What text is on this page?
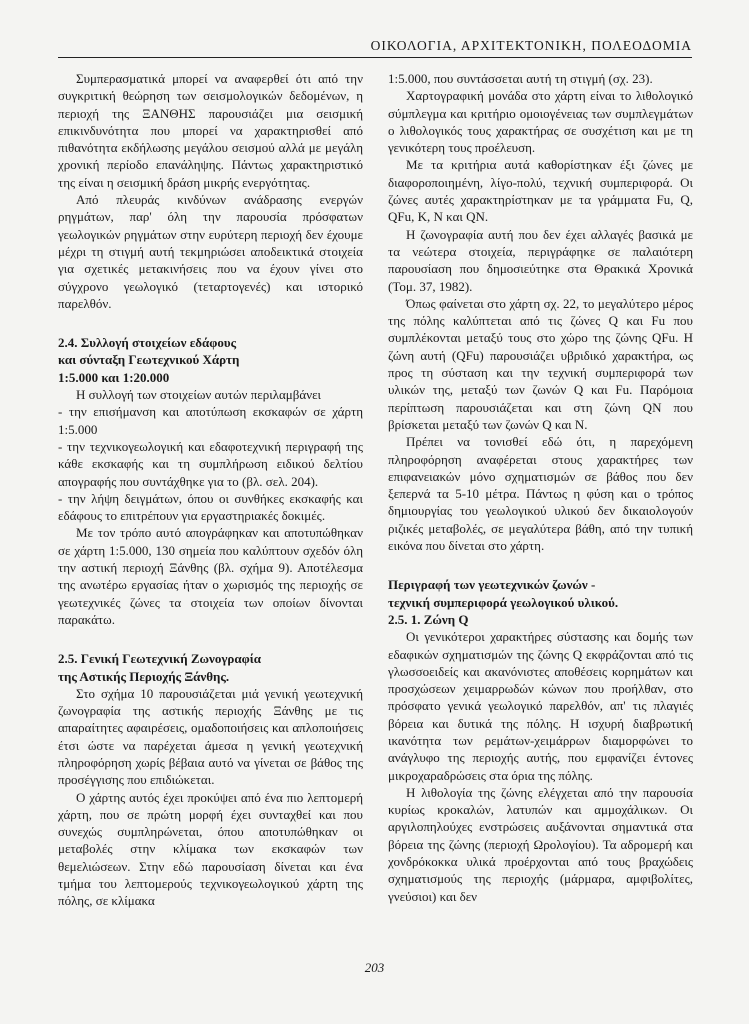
ΟΙΚΟΛΟΓΙΑ, ΑΡΧΙΤΕΚΤΟΝΙΚΗ, ΠΟΛΕΟΔΟΜΙΑ

Συμπερασματικά μπορεί να αναφερθεί ότι από την συγκριτική θεώρηση των σεισμολογικών δεδομένων, η περιοχή της ΞΑΝΘΗΣ παρουσιάζει μια σεισμική επικινδυνότητα που μπορεί να χαρακτηρισθεί από πιθανότητα εκδήλωσης μεγάλου σεισμού αλλά με μεγάλη χρονική περίοδο επανάληψης. Πάντως χαρακτηριστικό της είναι η σεισμική δράση μικρής ενεργότητας.

Από πλευράς κινδύνων ανάδρασης ενεργών ρηγμάτων, παρ' όλη την παρουσία πρόσφατων γεωλογικών ρηγμάτων στην ευρύτερη περιοχή δεν έχουμε μέχρι τη στιγμή αυτή τεκμηριώσει αποδεικτικά στοιχεία για σχετικές μετακινήσεις που να έχουν γίνει στο σύγχρονο γεωλογικό (τεταρτογενές) και ιστορικό παρελθόν.

2.4. Συλλογή στοιχείων εδάφους
και σύνταξη Γεωτεχνικού Χάρτη
1:5.000 και 1:20.000

Η συλλογή των στοιχείων αυτών περιλαμβάνει

- την επισήμανση και αποτύπωση εκσκαφών σε χάρτη 1:5.000

- την τεχνικογεωλογική και εδαφοτεχνική περιγραφή της κάθε εκσκαφής και τη συμπλήρωση ειδικού δελτίου απογραφής που συντάχθηκε για το (βλ. σελ. 204).

- την λήψη δειγμάτων, όπου οι συνθήκες εκσκαφής και εδάφους το επιτρέπουν για εργαστηριακές δοκιμές.

Με τον τρόπο αυτό απογράφηκαν και αποτυπώθηκαν σε χάρτη 1:5.000, 130 σημεία που καλύπτουν σχεδόν όλη την αστική περιοχή Ξάνθης (βλ. σχήμα 9). Αποτέλεσμα της ανωτέρω εργασίας ήταν ο χωρισμός της περιοχής σε γεωτεχνικές ζώνες τα στοιχεία των οποίων δίνονται παρακάτω.

2.5. Γενική Γεωτεχνική Ζωνογραφία
της Αστικής Περιοχής Ξάνθης.

Στο σχήμα 10 παρουσιάζεται μιά γενική γεωτεχνική ζωνογραφία της αστικής περιοχής Ξάνθης με τις απαραίτητες αφαιρέσεις, ομαδοποιήσεις και απλοποιήσεις έτσι ώστε να παρέχεται άμεσα η γενική γεωτεχνική πληροφόρηση χωρίς βέβαια αυτό να γίνεται σε βάθος της προσέγγισης που επιδιώκεται.

Ο χάρτης αυτός έχει προκύψει από ένα πιο λεπτομερή χάρτη, που σε πρώτη μορφή έχει συνταχθεί και που συνεχώς συμπληρώνεται, όπου αποτυπώθηκαν οι μεταβολές στην κλίμακα των εκσκαφών των θεμελιώσεων. Στην εδώ παρουσίαση δίνεται και ένα τμήμα του λεπτομερούς τεχνικογεωλογικού χάρτη της πόλης, σε κλίμακα

1:5.000, που συντάσσεται αυτή τη στιγμή (σχ. 23).

Χαρτογραφική μονάδα στο χάρτη είναι το λιθολογικό σύμπλεγμα και κριτήριο ομοιογένειας των συμπλεγμάτων ο λιθολογικός τους χαρακτήρας σε συσχέτιση και με τη γενικότερη τους προέλευση.

Με τα κριτήρια αυτά καθορίστηκαν έξι ζώνες με διαφοροποιημένη, λίγο-πολύ, τεχνική συμπεριφορά. Οι ζώνες αυτές χαρακτηρίστηκαν με τα γράμματα Fu, Q, QFu, K, N και QN.

Η ζωνογραφία αυτή που δεν έχει αλλαγές βασικά με τα νεώτερα στοιχεία, περιγράφηκε σε παλαιότερη παρουσίαση που δημοσιεύτηκε στα Θρακικά Χρονικά (Τομ. 37, 1982).

Όπως φαίνεται στο χάρτη σχ. 22, το μεγαλύτερο μέρος της πόλης καλύπτεται από τις ζώνες Q και Fu που συμπλέκονται μεταξύ τους στο χώρο της ζώνης QFu. Η ζώνη αυτή (QFu) παρουσιάζει υβριδικό χαρακτήρα, ως προς τη σύσταση και την τεχνική συμπεριφορά των υλικών της, μεταξύ των ζωνών Q και Fu. Παρόμοια περίπτωση παρουσιάζεται και στη ζώνη QN που βρίσκεται μεταξύ των ζωνών Q και N.

Πρέπει να τονισθεί εδώ ότι, η παρεχόμενη πληροφόρηση αναφέρεται στους χαρακτήρες των επιφανειακών μόνο σχηματισμών σε βάθος που δεν ξεπερνά τα 5-10 μέτρα. Πάντως η φύση και ο τρόπος δημιουργίας του γεωλογικού υλικού δεν δικαιολογούν ριζικές μεταβολές, σε μεγαλύτερα βάθη, από την τυπική εικόνα που δίνεται στο χάρτη.

Περιγραφή των γεωτεχνικών ζωνών -
τεχνική συμπεριφορά γεωλογικού υλικού.
2.5. 1. Ζώνη Q

Οι γενικότεροι χαρακτήρες σύστασης και δομής των εδαφικών σχηματισμών της ζώνης Q εκφράζονται από τις γλωσσοειδείς και ακανόνιστες αποθέσεις κορημάτων και προσχώσεων χειμαρρωδών κώνων που προήλθαν, στο πρόσφατο γενικά γεωλογικό παρελθόν, απ' τις πλαγιές βόρεια και δυτικά της πόλης. Η ισχυρή διαβρωτική ικανότητα των ρεμάτων-χειμάρρων διαμορφώνει το ανάγλυφο της περιοχής αυτής, που εμφανίζει έντονες μικροχαραδρώσεις στα όρια της πόλης.

Η λιθολογία της ζώνης ελέγχεται από την παρουσία κυρίως κροκαλών, λατυπών και αμμοχάλικων. Οι αργιλοπηλούχες ενστρώσεις αυξάνονται σημαντικά στα βόρεια της ζώνης (περιοχή Ωρολογίου). Τα αδρομερή και χονδρόκοκκα υλικά προέρχονται από τους βραχώδεις σχηματισμούς της περιοχής (μάρμαρα, αμφιβολίτες, γνεύσιοι) και δεν

203
